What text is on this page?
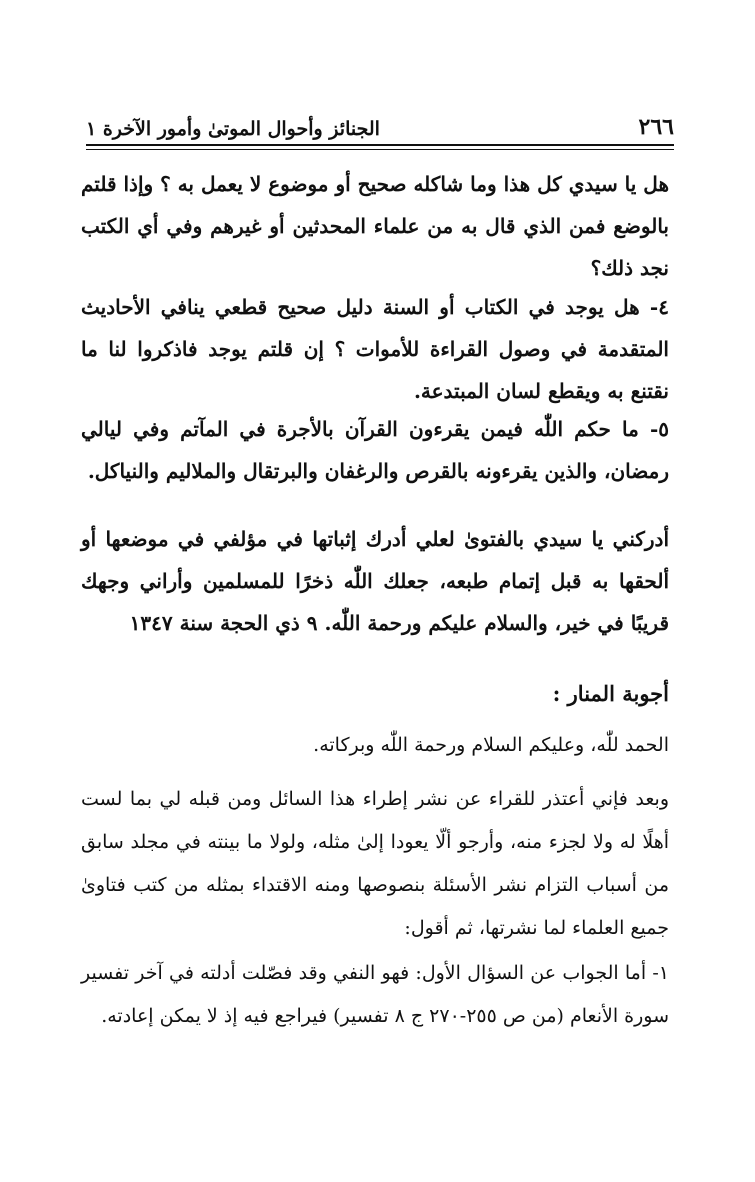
٢٦٦
الجنائز وأحوال الموتىٰ وأمور الآخرة ١

هل يا سيدي كل هذا وما شاكله صحيح أو موضوع لا يعمل به ؟ وإذا قلتم بالوضع فمن الذي قال به من علماء المحدثين أو غيرهم وفي أي الكتب نجد ذلك؟

٤- هل يوجد في الكتاب أو السنة دليل صحيح قطعي ينافي الأحاديث المتقدمة في وصول القراءة للأموات ؟ إن قلتم يوجد فاذكروا لنا ما نقتنع به ويقطع لسان المبتدعة.

٥- ما حكم اللّٰه فيمن يقرءون القرآن بالأجرة في المآتم وفي ليالي رمضان، والذين يقرءونه بالقرص والرغفان والبرتقال والملاليم والنياكل.

أدركني يا سيدي بالفتوىٰ لعلي أدرك إثباتها في مؤلفي في موضعها أو ألحقها به قبل إتمام طبعه، جعلك اللّٰه ذخرًا للمسلمين وأراني وجهك قريبًا في خير، والسلام عليكم ورحمة اللّٰه. ٩ ذي الحجة سنة ١٣٤٧

أجوبة المنار :

الحمد للّٰه، وعليكم السلام ورحمة اللّٰه وبركاته.

وبعد فإني أعتذر للقراء عن نشر إطراء هذا السائل ومن قبله لي بما لست أهلًا له ولا لجزء منه، وأرجو ألّا يعودا إلىٰ مثله، ولولا ما بينته في مجلد سابق من أسباب التزام نشر الأسئلة بنصوصها ومنه الاقتداء بمثله من كتب فتاوىٰ جميع العلماء لما نشرتها، ثم أقول:

١- أما الجواب عن السؤال الأول: فهو النفي وقد فصّلت أدلته في آخر تفسير سورة الأنعام (من ص ٢٥٥-٢٧٠ ج ٨ تفسير) فيراجع فيه إذ لا يمكن إعادته.
